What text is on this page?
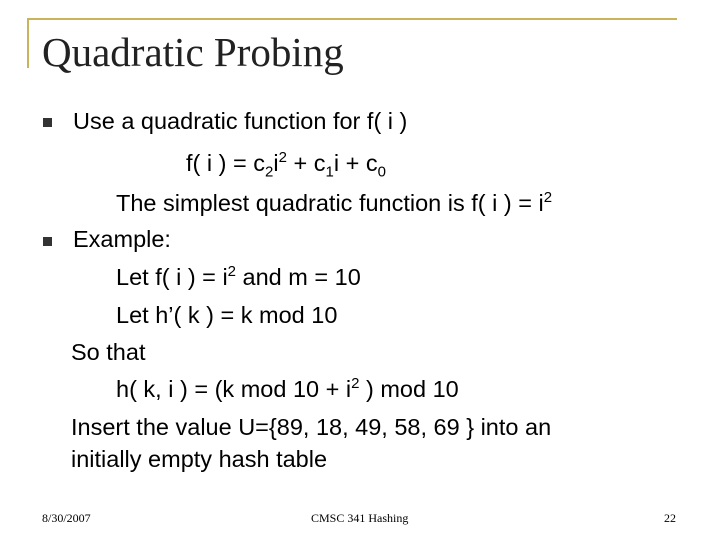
Quadratic Probing
Use a quadratic function for f( i )
f( i ) = $c_2i^2 + c_1i + c_0$
The simplest quadratic function is f( i ) = $i^2$
Example:
Let f( i ) = $i^2$ and m = 10
Let h’( k ) = k mod 10
So that
h( k, i ) = (k mod $10 + i^2$ ) mod 10
Insert the value U={89, 18, 49, 58, 69 } into an
initially empty hash table
8/30/2007	CMSC 341 Hashing	22
